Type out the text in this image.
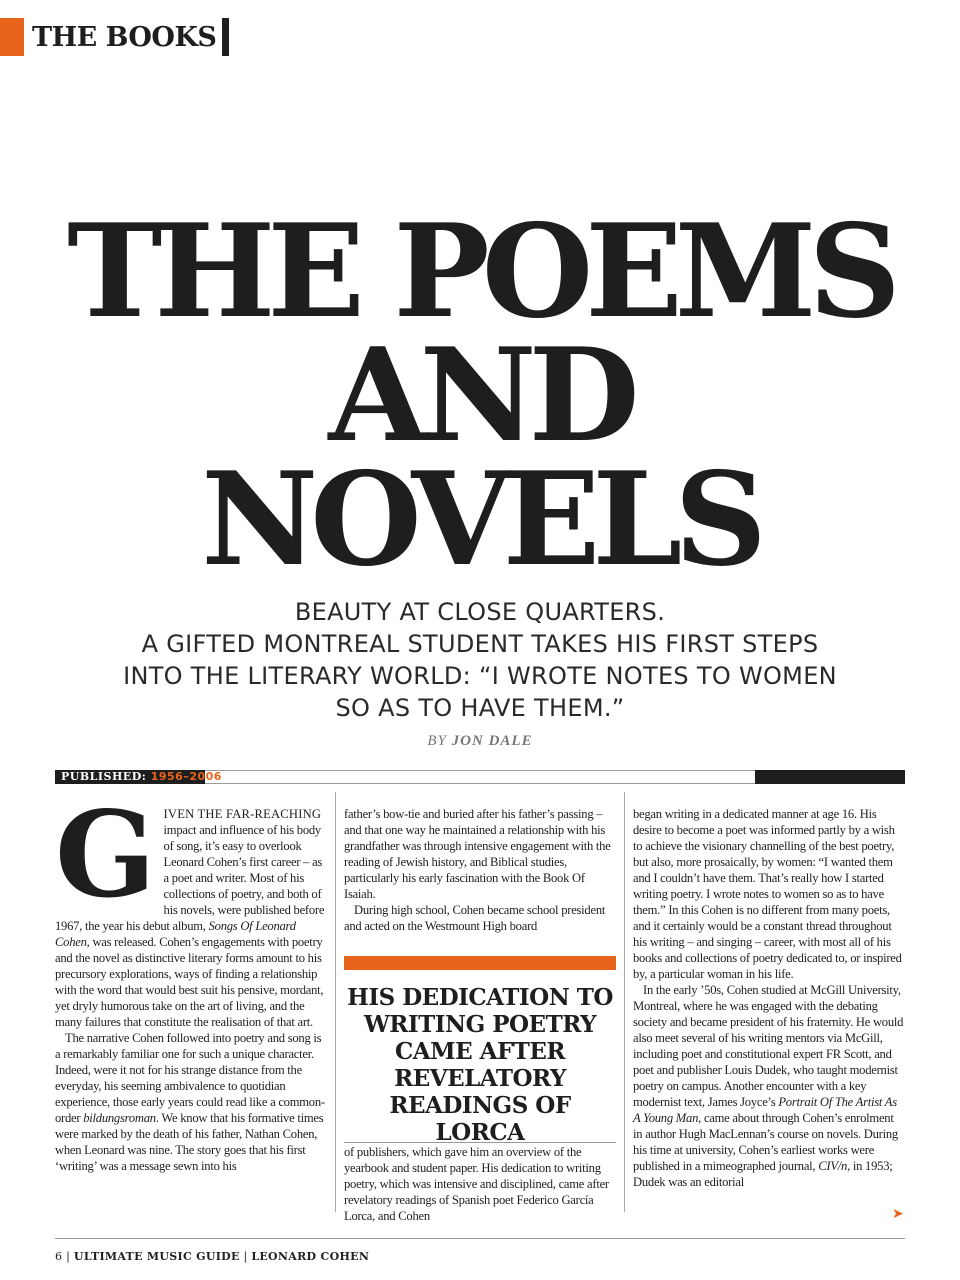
THE BOOKS
THE POEMS
AND
NOVELS
BEAUTY AT CLOSE QUARTERS.
A GIFTED MONTREAL STUDENT TAKES HIS FIRST STEPS
INTO THE LITERARY WORLD: “I WROTE NOTES TO WOMEN
SO AS TO HAVE THEM.”
BY JON DALE
PUBLISHED: 1956–2006
G IVEN THE FAR-REACHING impact and influence of his body of song, it’s easy to overlook Leonard Cohen’s first career – as a poet and writer. Most of his collections of poetry, and both of his novels, were published before 1967, the year his debut album, Songs Of Leonard Cohen, was released. Cohen’s engagements with poetry and the novel as distinctive literary forms amount to his precursory explorations, ways of finding a relationship with the word that would best suit his pensive, mordant, yet dryly humorous take on the art of living, and the many failures that constitute the realisation of that art.

The narrative Cohen followed into poetry and song is a remarkably familiar one for such a unique character. Indeed, were it not for his strange distance from the everyday, his seeming ambivalence to quotidian experience, those early years could read like a common-order bildungsroman. We know that his formative times were marked by the death of his father, Nathan Cohen, when Leonard was nine. The story goes that his first ‘writing’ was a message sewn into his

father’s bow-tie and buried after his father’s passing – and that one way he maintained a relationship with his grandfather was through intensive engagement with the reading of Jewish history, and Biblical studies, particularly his early fascination with the Book Of Isaiah.

During high school, Cohen became school president and acted on the Westmount High board

HIS DEDICATION TO WRITING POETRY CAME AFTER REVELATORY READINGS OF LORCA

of publishers, which gave him an overview of the yearbook and student paper. His dedication to writing poetry, which was intensive and disciplined, came after revelatory readings of Spanish poet Federico García Lorca, and Cohen

began writing in a dedicated manner at age 16. His desire to become a poet was informed partly by a wish to achieve the visionary channelling of the best poetry, but also, more prosaically, by women: “I wanted them and I couldn’t have them. That’s really how I started writing poetry. I wrote notes to women so as to have them.” In this Cohen is no different from many poets, and it certainly would be a constant thread throughout his writing – and singing – career, with most all of his books and collections of poetry dedicated to, or inspired by, a particular woman in his life.

In the early ’50s, Cohen studied at McGill University, Montreal, where he was engaged with the debating society and became president of his fraternity. He would also meet several of his writing mentors via McGill, including poet and constitutional expert FR Scott, and poet and publisher Louis Dudek, who taught modernist poetry on campus. Another encounter with a key modernist text, James Joyce’s Portrait Of The Artist As A Young Man, came about through Cohen’s enrolment in author Hugh MacLennan’s course on novels. During his time at university, Cohen’s earliest works were published in a mimeographed journal, CIV/n, in 1953; Dudek was an editorial

➤
6 | ULTIMATE MUSIC GUIDE | LEONARD COHEN
